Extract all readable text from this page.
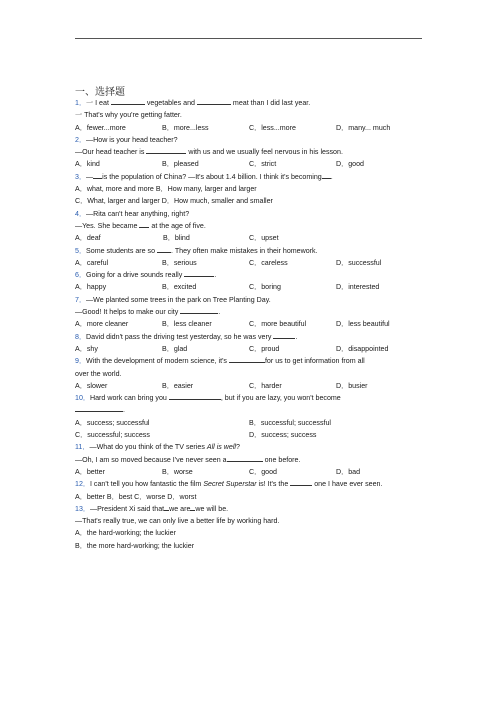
一、选择题
1．一 I eat	vegetables and	meat than I did last year.
一 That's why you're getting fatter.
A．fewer...more	B．more...less	C．less...more	D．many... much
2．—How is your head teacher?
—Our head teacher is	with us and we usually feel nervous in his lesson.
A．kind	B．pleased	C．strict	D．good
3．— is the population of China? —It's about 1.4 billion. I think it's becoming .
A．what, more and more B．How many, larger and larger
C．What, larger and larger D．How much, smaller and smaller
4．—Rita can't hear anything, right?
—Yes. She became  at the age of five.
A．deaf	B．blind	C．upset
5．Some students are so . They often make mistakes in their homework.
A．careful	B．serious	C．careless	D．successful
6．Going for a drive sounds really	.
A．happy	B．excited	C．boring	D．interested
7．—We planted some trees in the park on Tree Planting Day.
—Good! It helps to make our city	.
A．more cleaner	B．less cleaner	C．more beautiful	D．less beautiful
8．David didn't pass the driving test yesterday, so he was very	.
A．shy	B．glad	C．proud	D．disappointed
9．With the development of modern science, it's	for us to get information from all
over the world.
A．slower	B．easier	C．harder	D．busier
10．Hard work can bring you	, but if you are lazy, you won't become
.
A．success; successful	B．successful; successful
C．successful; success	D．success; success
11．—What do you think of the TV series All is well?
—Oh, I am so moved because I've never seen a	one before.
A．better	B．worse	C．good	D．bad
12．I can't tell you how fantastic the film Secret Superstar is! It's the	one I have ever seen.
A．better B．best C．worse D．worst
13．—President Xi said that we are we will be.
—That's really true, we can only live a better life by working hard.
A．the hard-working; the luckier
B．the more hard-working; the luckier
